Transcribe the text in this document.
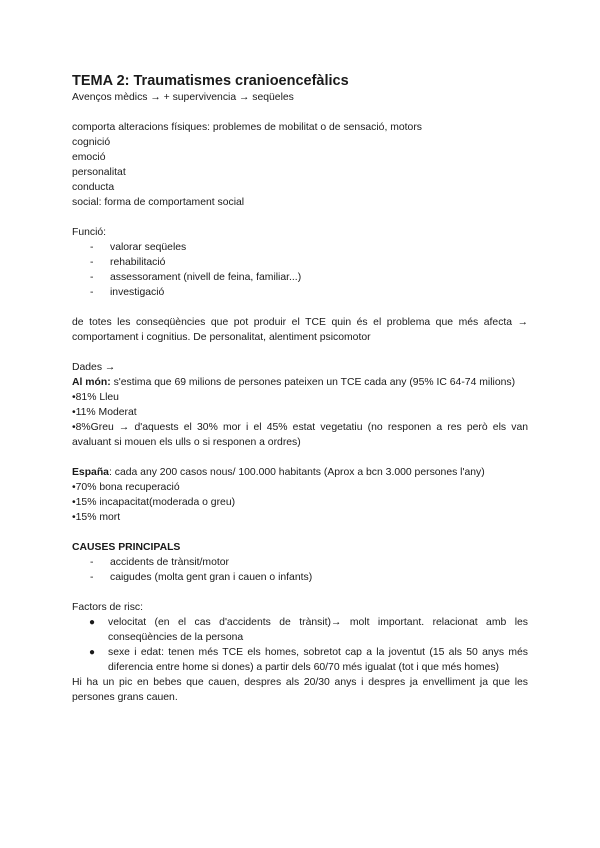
TEMA 2: Traumatismes cranioencefàlics
Avenços mèdics → + supervivencia → seqüeles
comporta alteracions físiques: problemes de mobilitat o de sensació, motors
cognició
emoció
personalitat
conducta
social: forma de comportament social
Funció:
- valorar seqüeles
- rehabilitació
- assessorament (nivell de feina, familiar...)
- investigació
de totes les conseqüències que pot produir el TCE quin és el problema que més afecta → comportament i cognitius. De personalitat, alentiment psicomotor
Dades →
Al món: s'estima que 69 milions de persones pateixen un TCE cada any (95% IC 64-74 milions)
•81% Lleu
•11% Moderat
•8%Greu → d'aquests el 30% mor i el 45% estat vegetatiu (no responen a res però els van avaluant si mouen els ulls o si responen a ordres)
España: cada any 200 casos nous/ 100.000 habitants (Aprox a bcn 3.000 persones l'any)
•70% bona recuperació
•15% incapacitat(moderada o greu)
•15% mort
CAUSES PRINCIPALS
- accidents de trànsit/motor
- caigudes (molta gent gran i cauen o infants)
Factors de risc:
● velocitat (en el cas d'accidents de trànsit)→ molt important. relacionat amb les conseqüències de la persona
● sexe i edat: tenen més TCE els homes, sobretot cap a la joventut (15 als 50 anys més diferencia entre home si dones) a partir dels 60/70 més igualat (tot i que més homes)
Hi ha un pic en bebes que cauen, despres als 20/30 anys i despres ja envelliment ja que les persones grans cauen.
